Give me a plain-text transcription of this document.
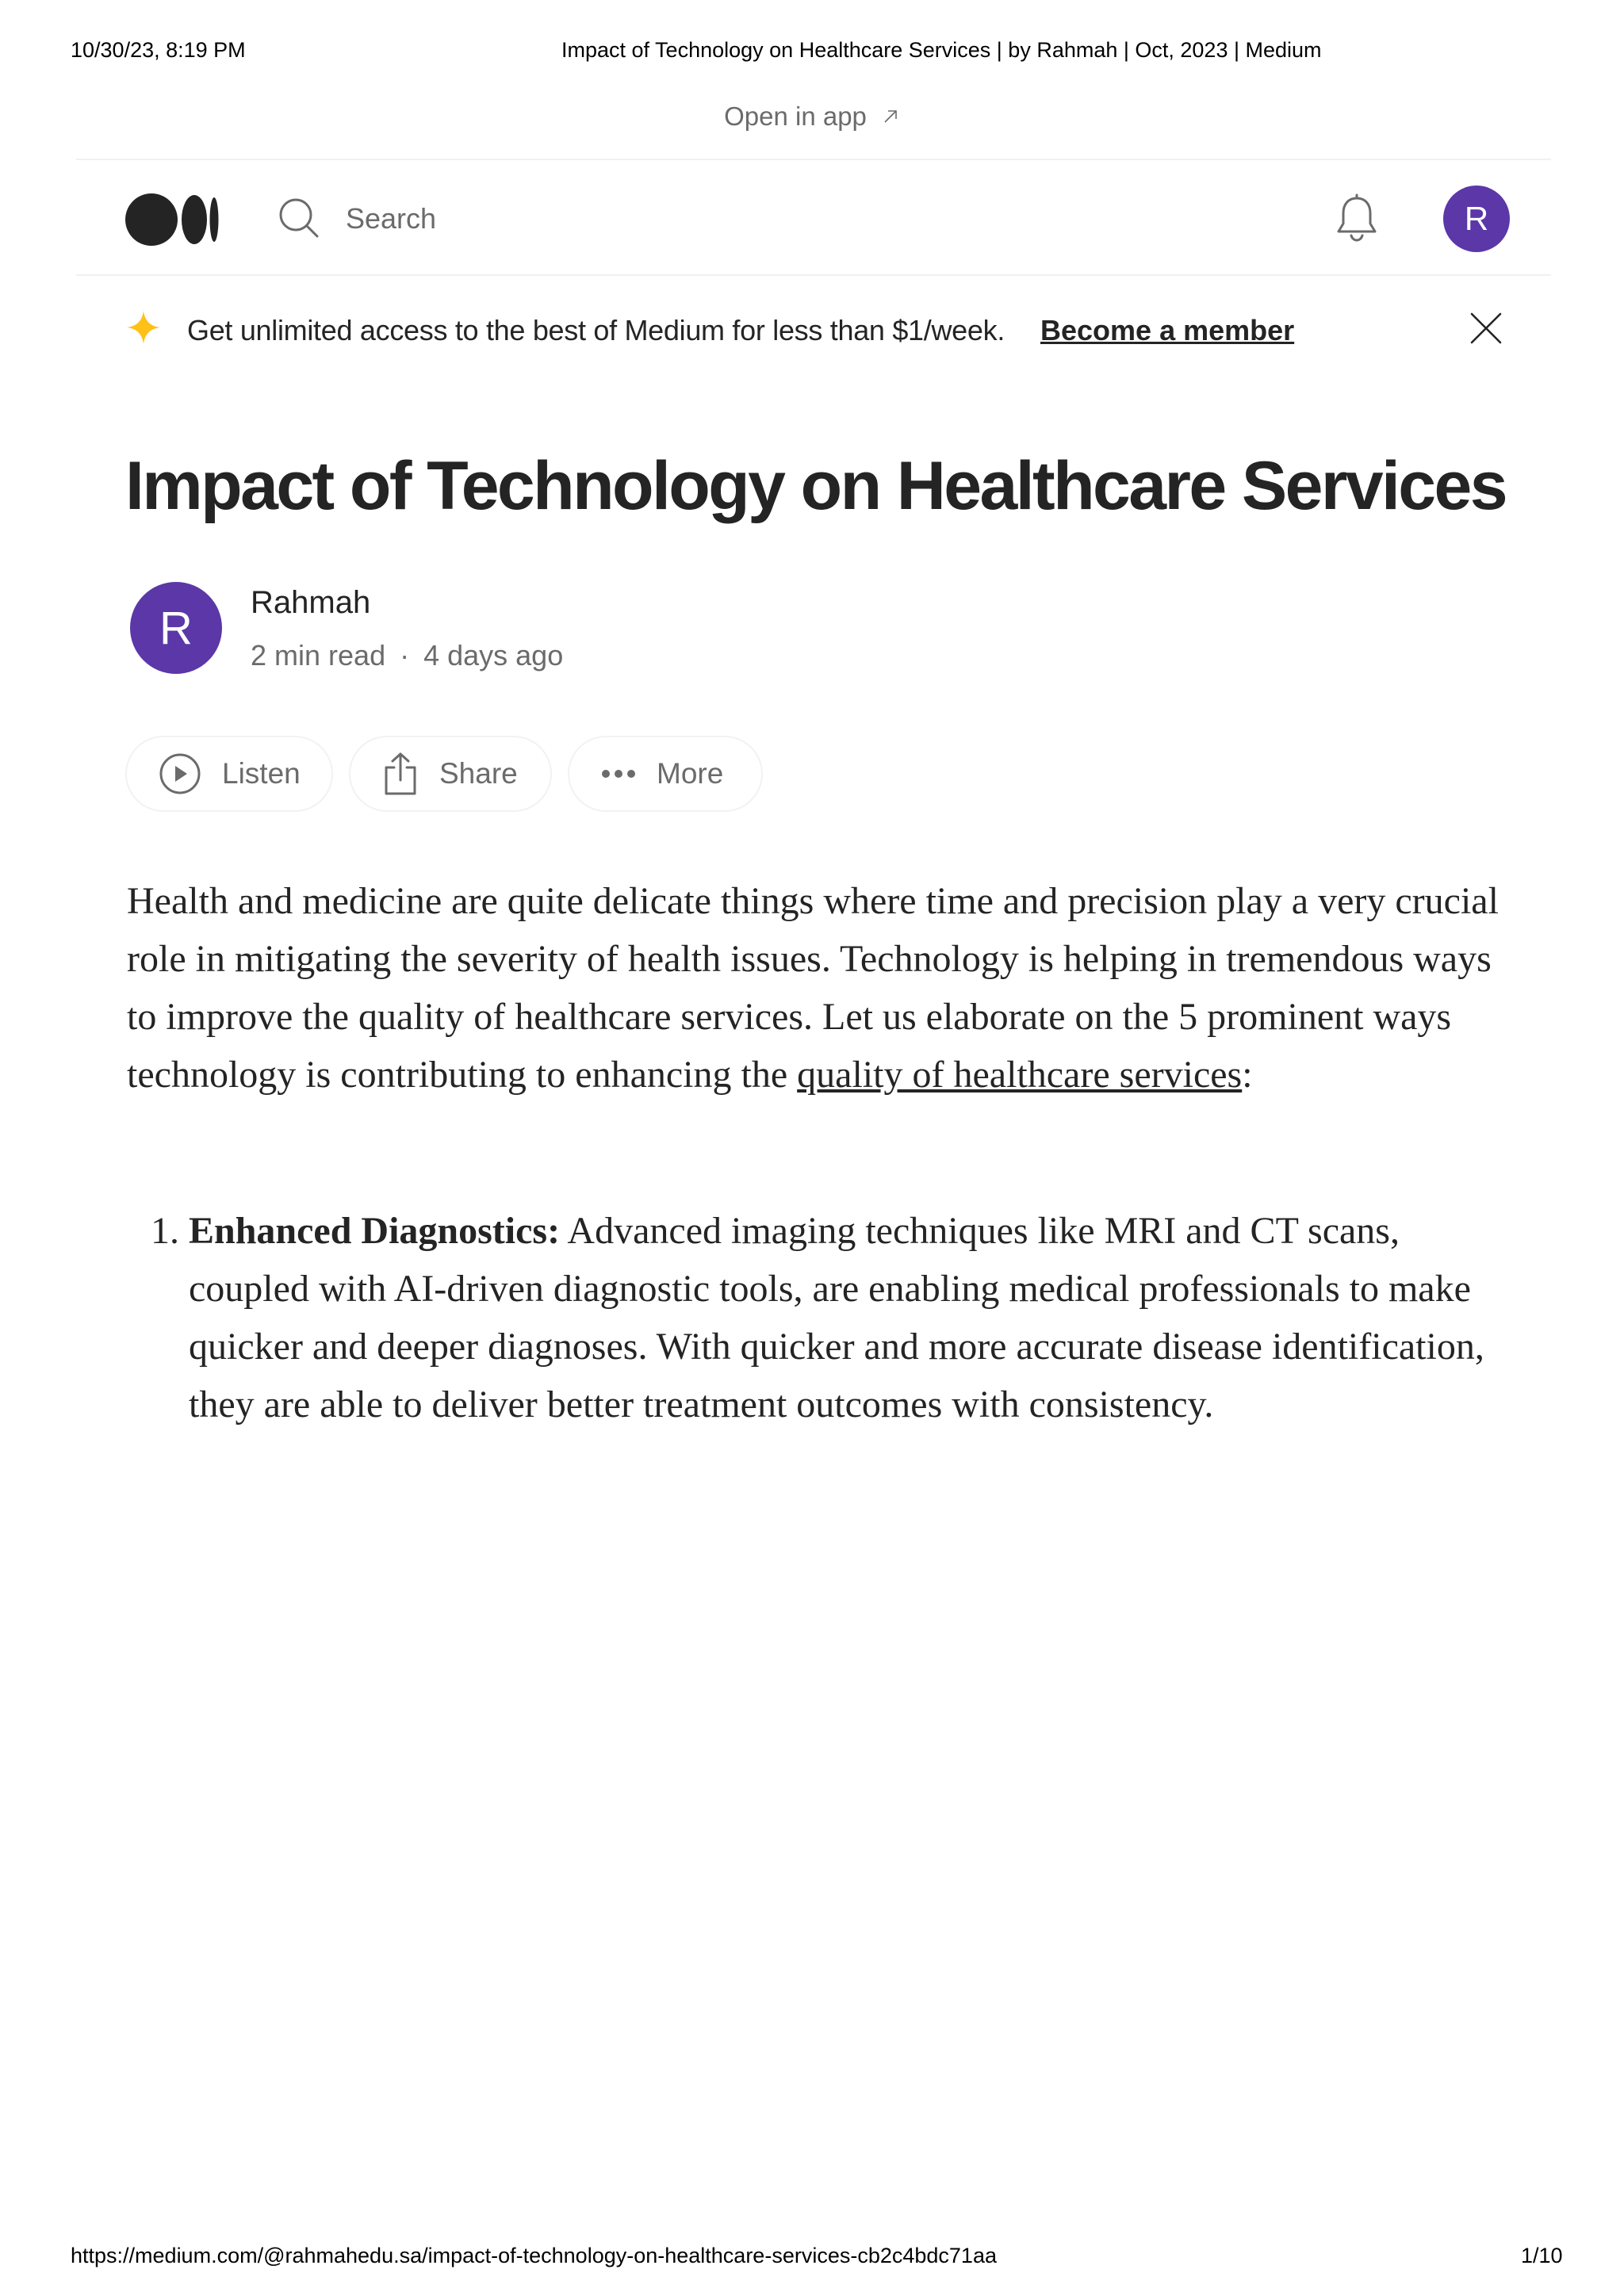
10/30/23, 8:19 PM	Impact of Technology on Healthcare Services | by Rahmah | Oct, 2023 | Medium
Open in app
Search
R
Get unlimited access to the best of Medium for less than $1/week. Become a member
Impact of Technology on Healthcare Services
R	Rahmah
2 min read · 4 days ago
Listen	Share	More

Health and medicine are quite delicate things where time and precision play a very crucial role in mitigating the severity of health issues. Technology is helping in tremendous ways to improve the quality of healthcare services. Let us elaborate on the 5 prominent ways technology is contributing to enhancing the quality of healthcare services:

1. Enhanced Diagnostics: Advanced imaging techniques like MRI and CT scans, coupled with AI-driven diagnostic tools, are enabling medical professionals to make quicker and deeper diagnoses. With quicker and more accurate disease identification, they are able to deliver better treatment outcomes with consistency.
https://medium.com/@rahmahedu.sa/impact-of-technology-on-healthcare-services-cb2c4bdc71aa	1/10
